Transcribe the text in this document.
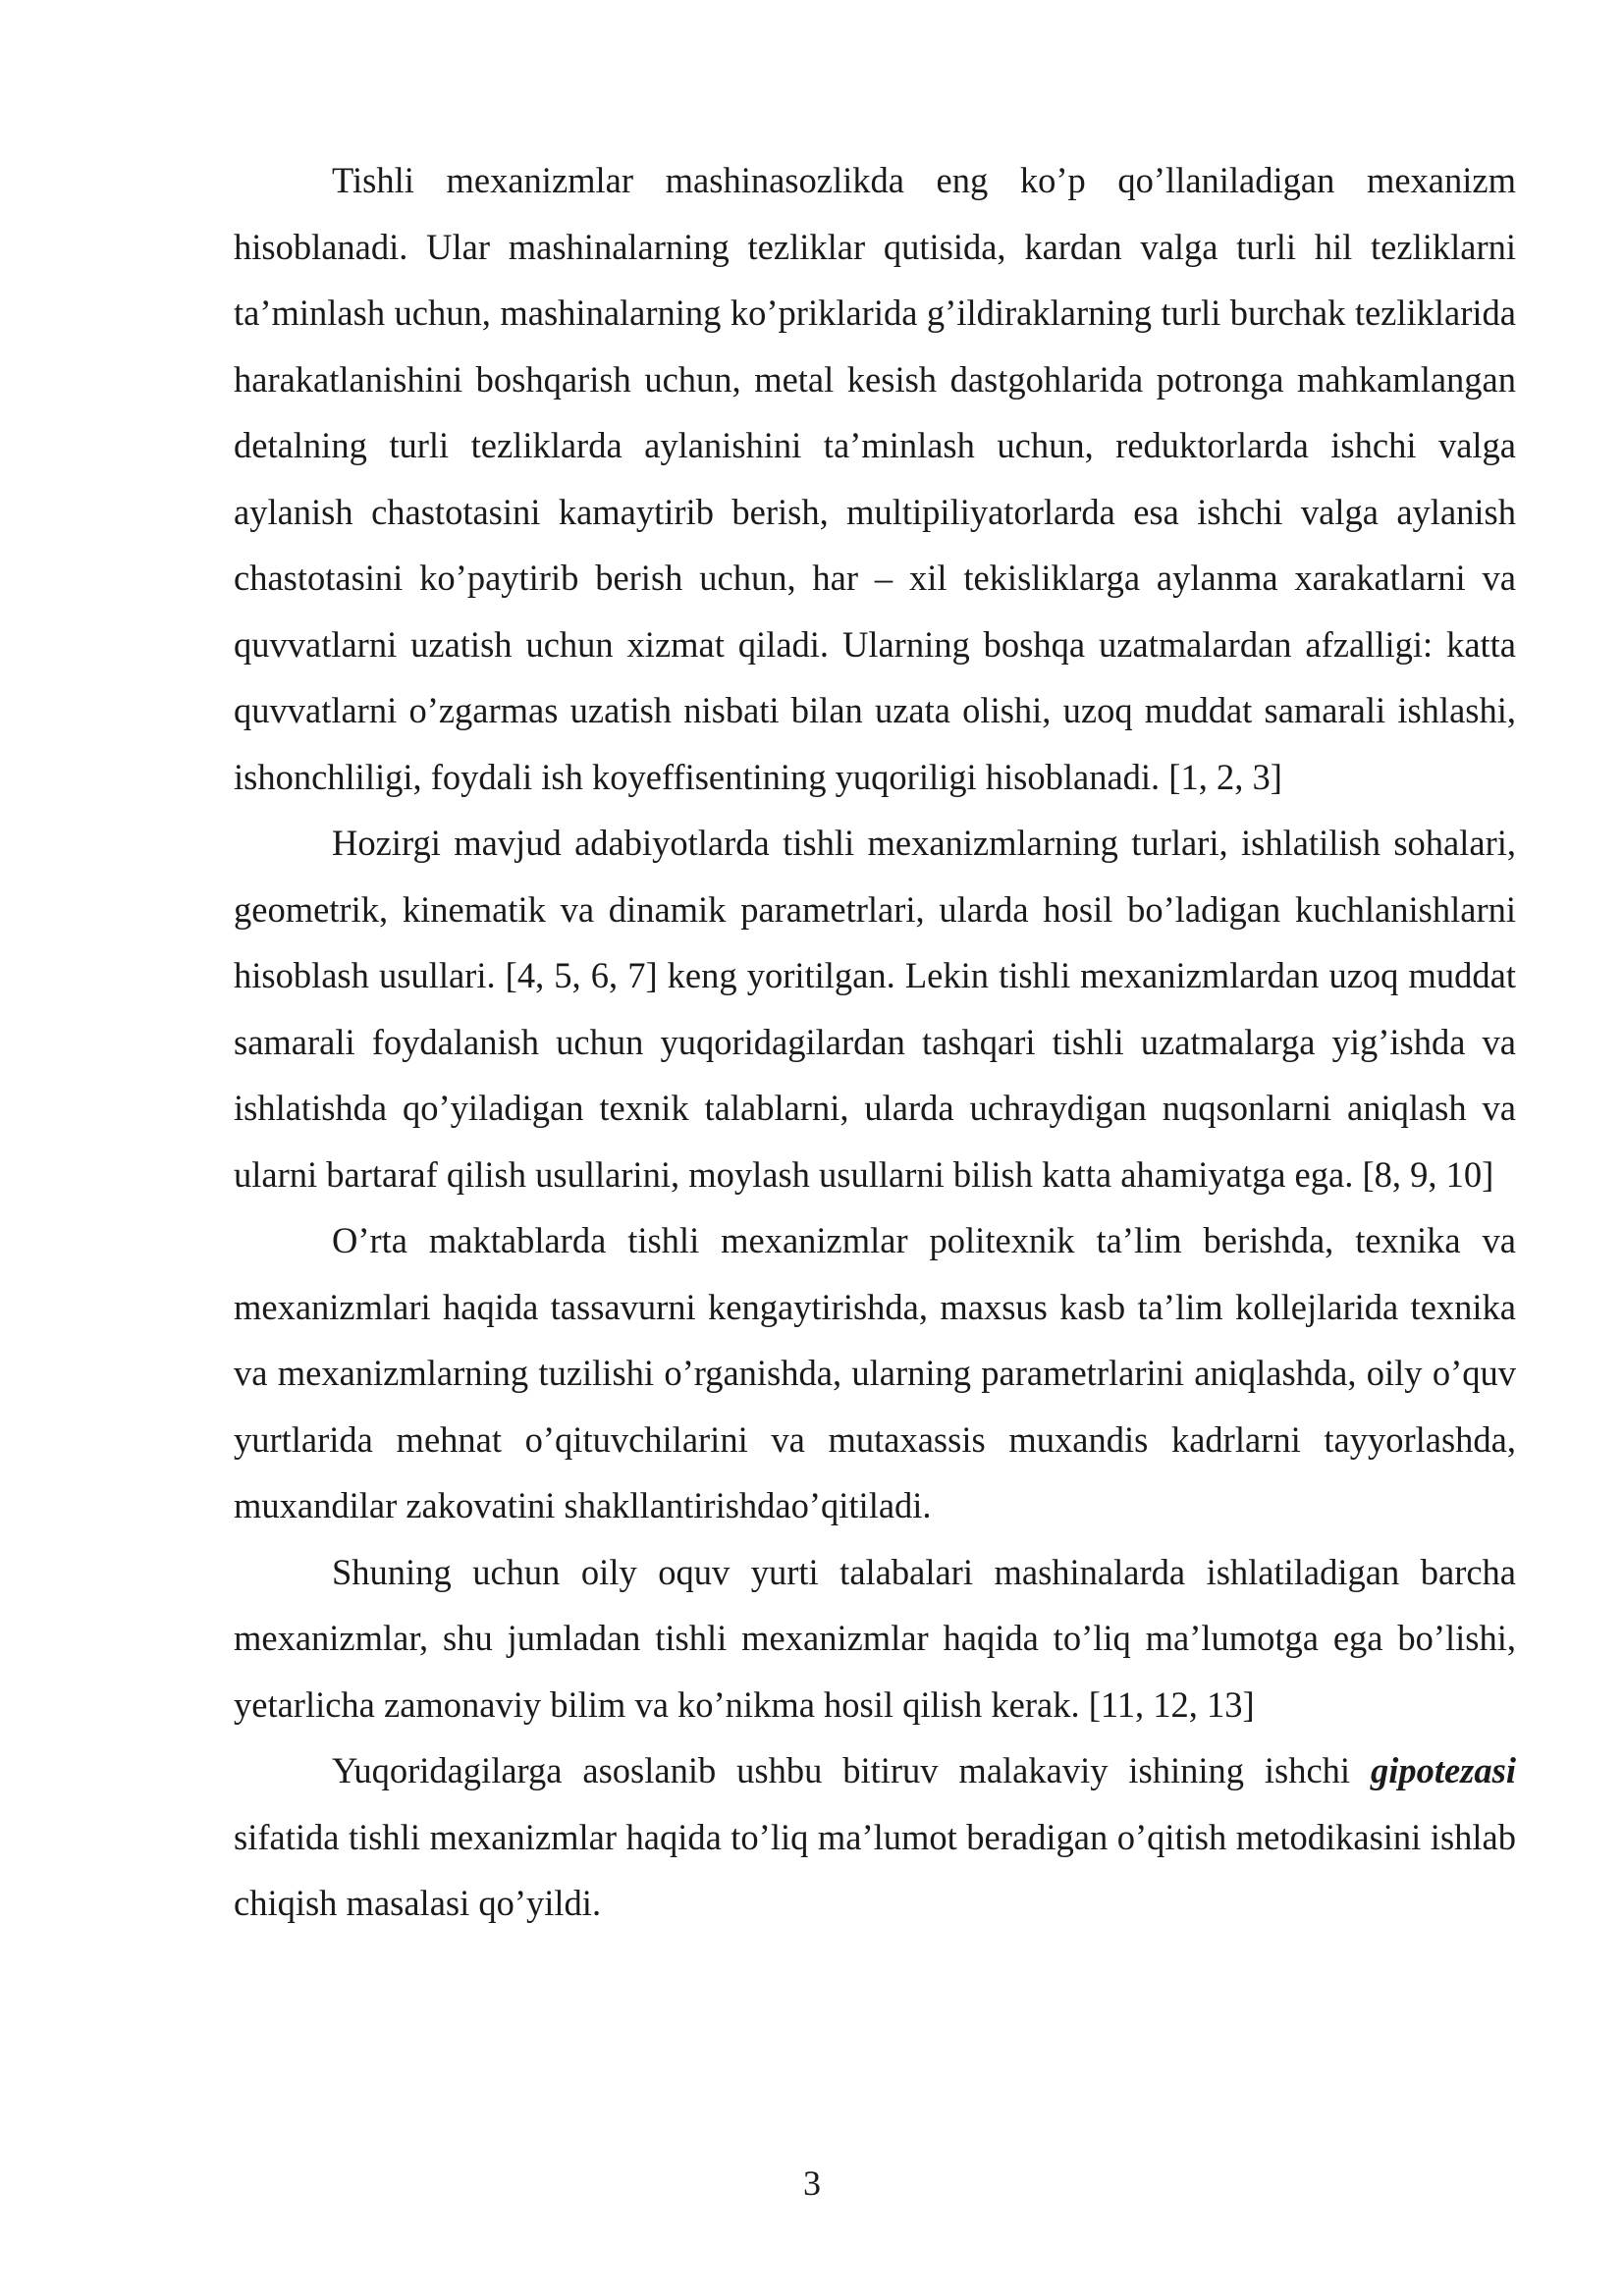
Tishli mexanizmlar mashinasozlikda eng ko’p qo’llaniladigan mexanizm hisoblanadi. Ular mashinalarning tezliklar qutisida, kardan valga turli hil tezliklarni ta’minlash uchun, mashinalarning ko’priklarida g’ildiraklarning turli burchak tezliklarida harakatlanishini boshqarish uchun, metal kesish dastgohlarida potronga mahkamlangan detalning turli tezliklarda aylanishini ta’minlash uchun, reduktorlarda ishchi valga aylanish chastotasini kamaytirib berish, multipiliyatorlarda esa ishchi valga aylanish chastotasini ko’paytirib berish uchun, har – xil tekisliklarga aylanma xarakatlarni va quvvatlarni uzatish uchun xizmat qiladi. Ularning boshqa uzatmalardan afzalligi: katta quvvatlarni o’zgarmas uzatish nisbati bilan uzata olishi, uzoq muddat samarali ishlashi, ishonchliligi, foydali ish koyeffisentining yuqoriligi hisoblanadi. [1, 2, 3]

Hozirgi mavjud adabiyotlarda tishli mexanizmlarning turlari, ishlatilish sohalari, geometrik, kinematik va dinamik parametrlari, ularda hosil bo’ladigan kuchlanishlarni hisoblash usullari. [4, 5, 6, 7] keng yoritilgan. Lekin tishli mexanizmlardan uzoq muddat samarali foydalanish uchun yuqoridagilardan tashqari tishli uzatmalarga yig’ishda va ishlatishda qo’yiladigan texnik talablarni, ularda uchraydigan nuqsonlarni aniqlash va ularni bartaraf qilish usullarini, moylash usullarni bilish katta ahamiyatga ega. [8, 9, 10]

O’rta maktablarda tishli mexanizmlar politexnik ta’lim berishda, texnika va mexanizmlari haqida tassavurni kengaytirishda, maxsus kasb ta’lim kollejlarida texnika va mexanizmlarning tuzilishi o’rganishda, ularning parametrlarini aniqlashda, oily o’quv yurtlarida mehnat o’qituvchilarini va mutaxassis muxandis kadrlarni tayyorlashda, muxandilar zakovatini shakllantirishdao’qitiladi.

Shuning uchun oily oquv yurti talabalari mashinalarda ishlatiladigan barcha mexanizmlar, shu jumladan tishli mexanizmlar haqida to’liq ma’lumotga ega bo’lishi, yetarlicha zamonaviy bilim va ko’nikma hosil qilish kerak. [11, 12, 13]

Yuqoridagilarga asoslanib ushbu bitiruv malakaviy ishining ishchi gipotezasi sifatida tishli mexanizmlar haqida to’liq ma’lumot beradigan o’qitish metodikasini ishlab chiqish masalasi qo’yildi.

3
